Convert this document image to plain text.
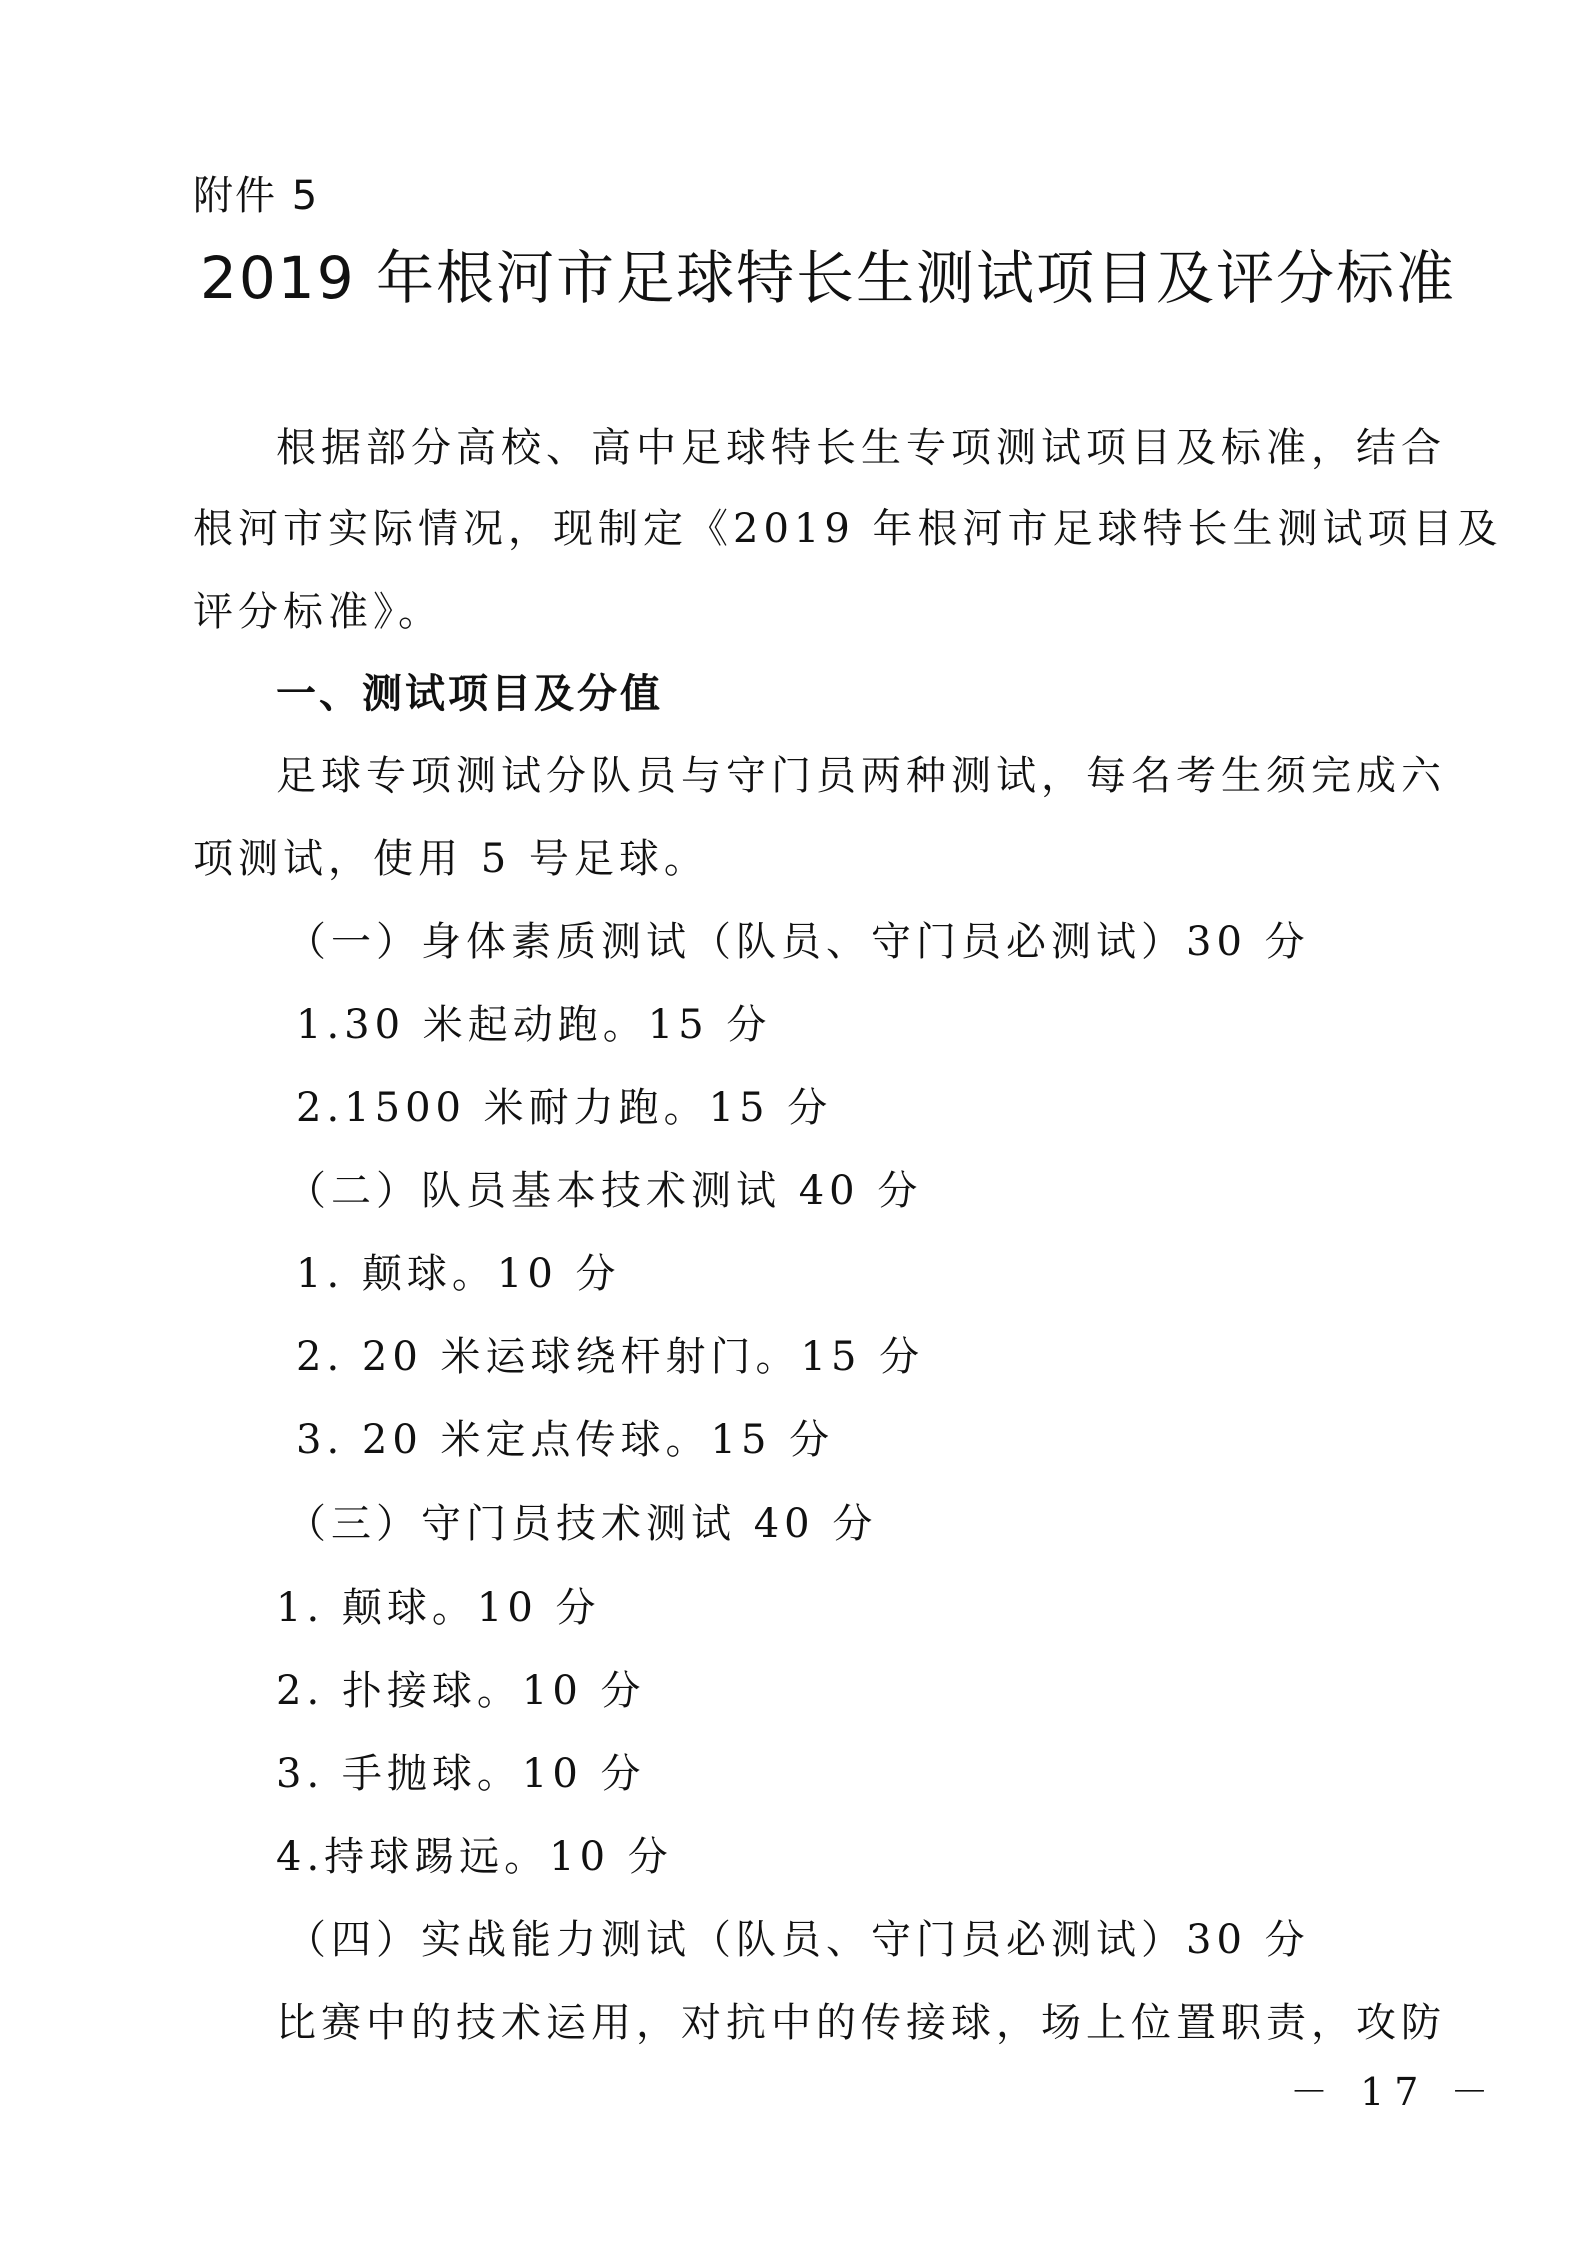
附件 5
2019 年根河市足球特长生测试项目及评分标准
根据部分高校、高中足球特长生专项测试项目及标准，结合
根河市实际情况，现制定《2019 年根河市足球特长生测试项目及
评分标准》。
一、测试项目及分值
足球专项测试分队员与守门员两种测试，每名考生须完成六
项测试，使用 5 号足球。
（一）身体素质测试（队员、守门员必测试）30 分
1.30 米起动跑。15 分
2.1500 米耐力跑。15 分
（二）队员基本技术测试 40 分
1. 颠球。10 分
2. 20 米运球绕杆射门。15 分
3. 20 米定点传球。15 分
（三）守门员技术测试 40 分
1. 颠球。10 分
2. 扑接球。10 分
3. 手抛球。10 分
4.持球踢远。10 分
（四）实战能力测试（队员、守门员必测试）30 分
比赛中的技术运用，对抗中的传接球，场上位置职责，攻防
－ 17 －
